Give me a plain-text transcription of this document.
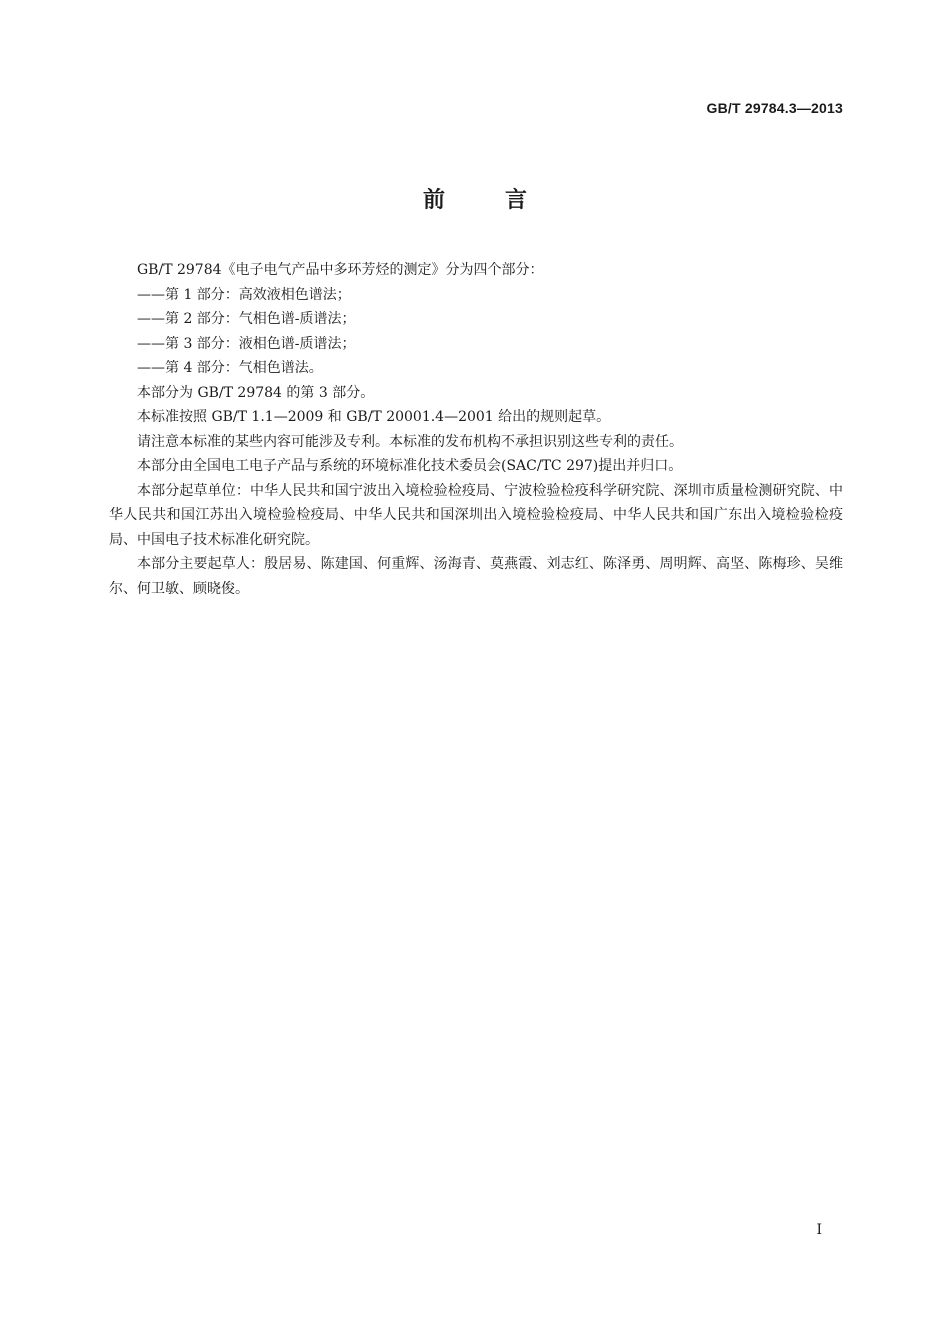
GB/T 29784.3—2013
前言

GB/T 29784《电子电气产品中多环芳烃的测定》分为四个部分：

——第 1 部分：高效液相色谱法；

——第 2 部分：气相色谱-质谱法；

——第 3 部分：液相色谱-质谱法；

——第 4 部分：气相色谱法。

本部分为 GB/T 29784 的第 3 部分。

本标准按照 GB/T 1.1—2009 和 GB/T 20001.4—2001 给出的规则起草。

请注意本标准的某些内容可能涉及专利。本标准的发布机构不承担识别这些专利的责任。

本部分由全国电工电子产品与系统的环境标准化技术委员会(SAC/TC 297)提出并归口。

本部分起草单位：中华人民共和国宁波出入境检验检疫局、宁波检验检疫科学研究院、深圳市质量检测研究院、中华人民共和国江苏出入境检验检疫局、中华人民共和国深圳出入境检验检疫局、中华人民共和国广东出入境检验检疫局、中国电子技术标准化研究院。

本部分主要起草人：殷居易、陈建国、何重辉、汤海青、莫燕霞、刘志红、陈泽勇、周明辉、高坚、陈梅珍、吴维尔、何卫敏、顾晓俊。

I
